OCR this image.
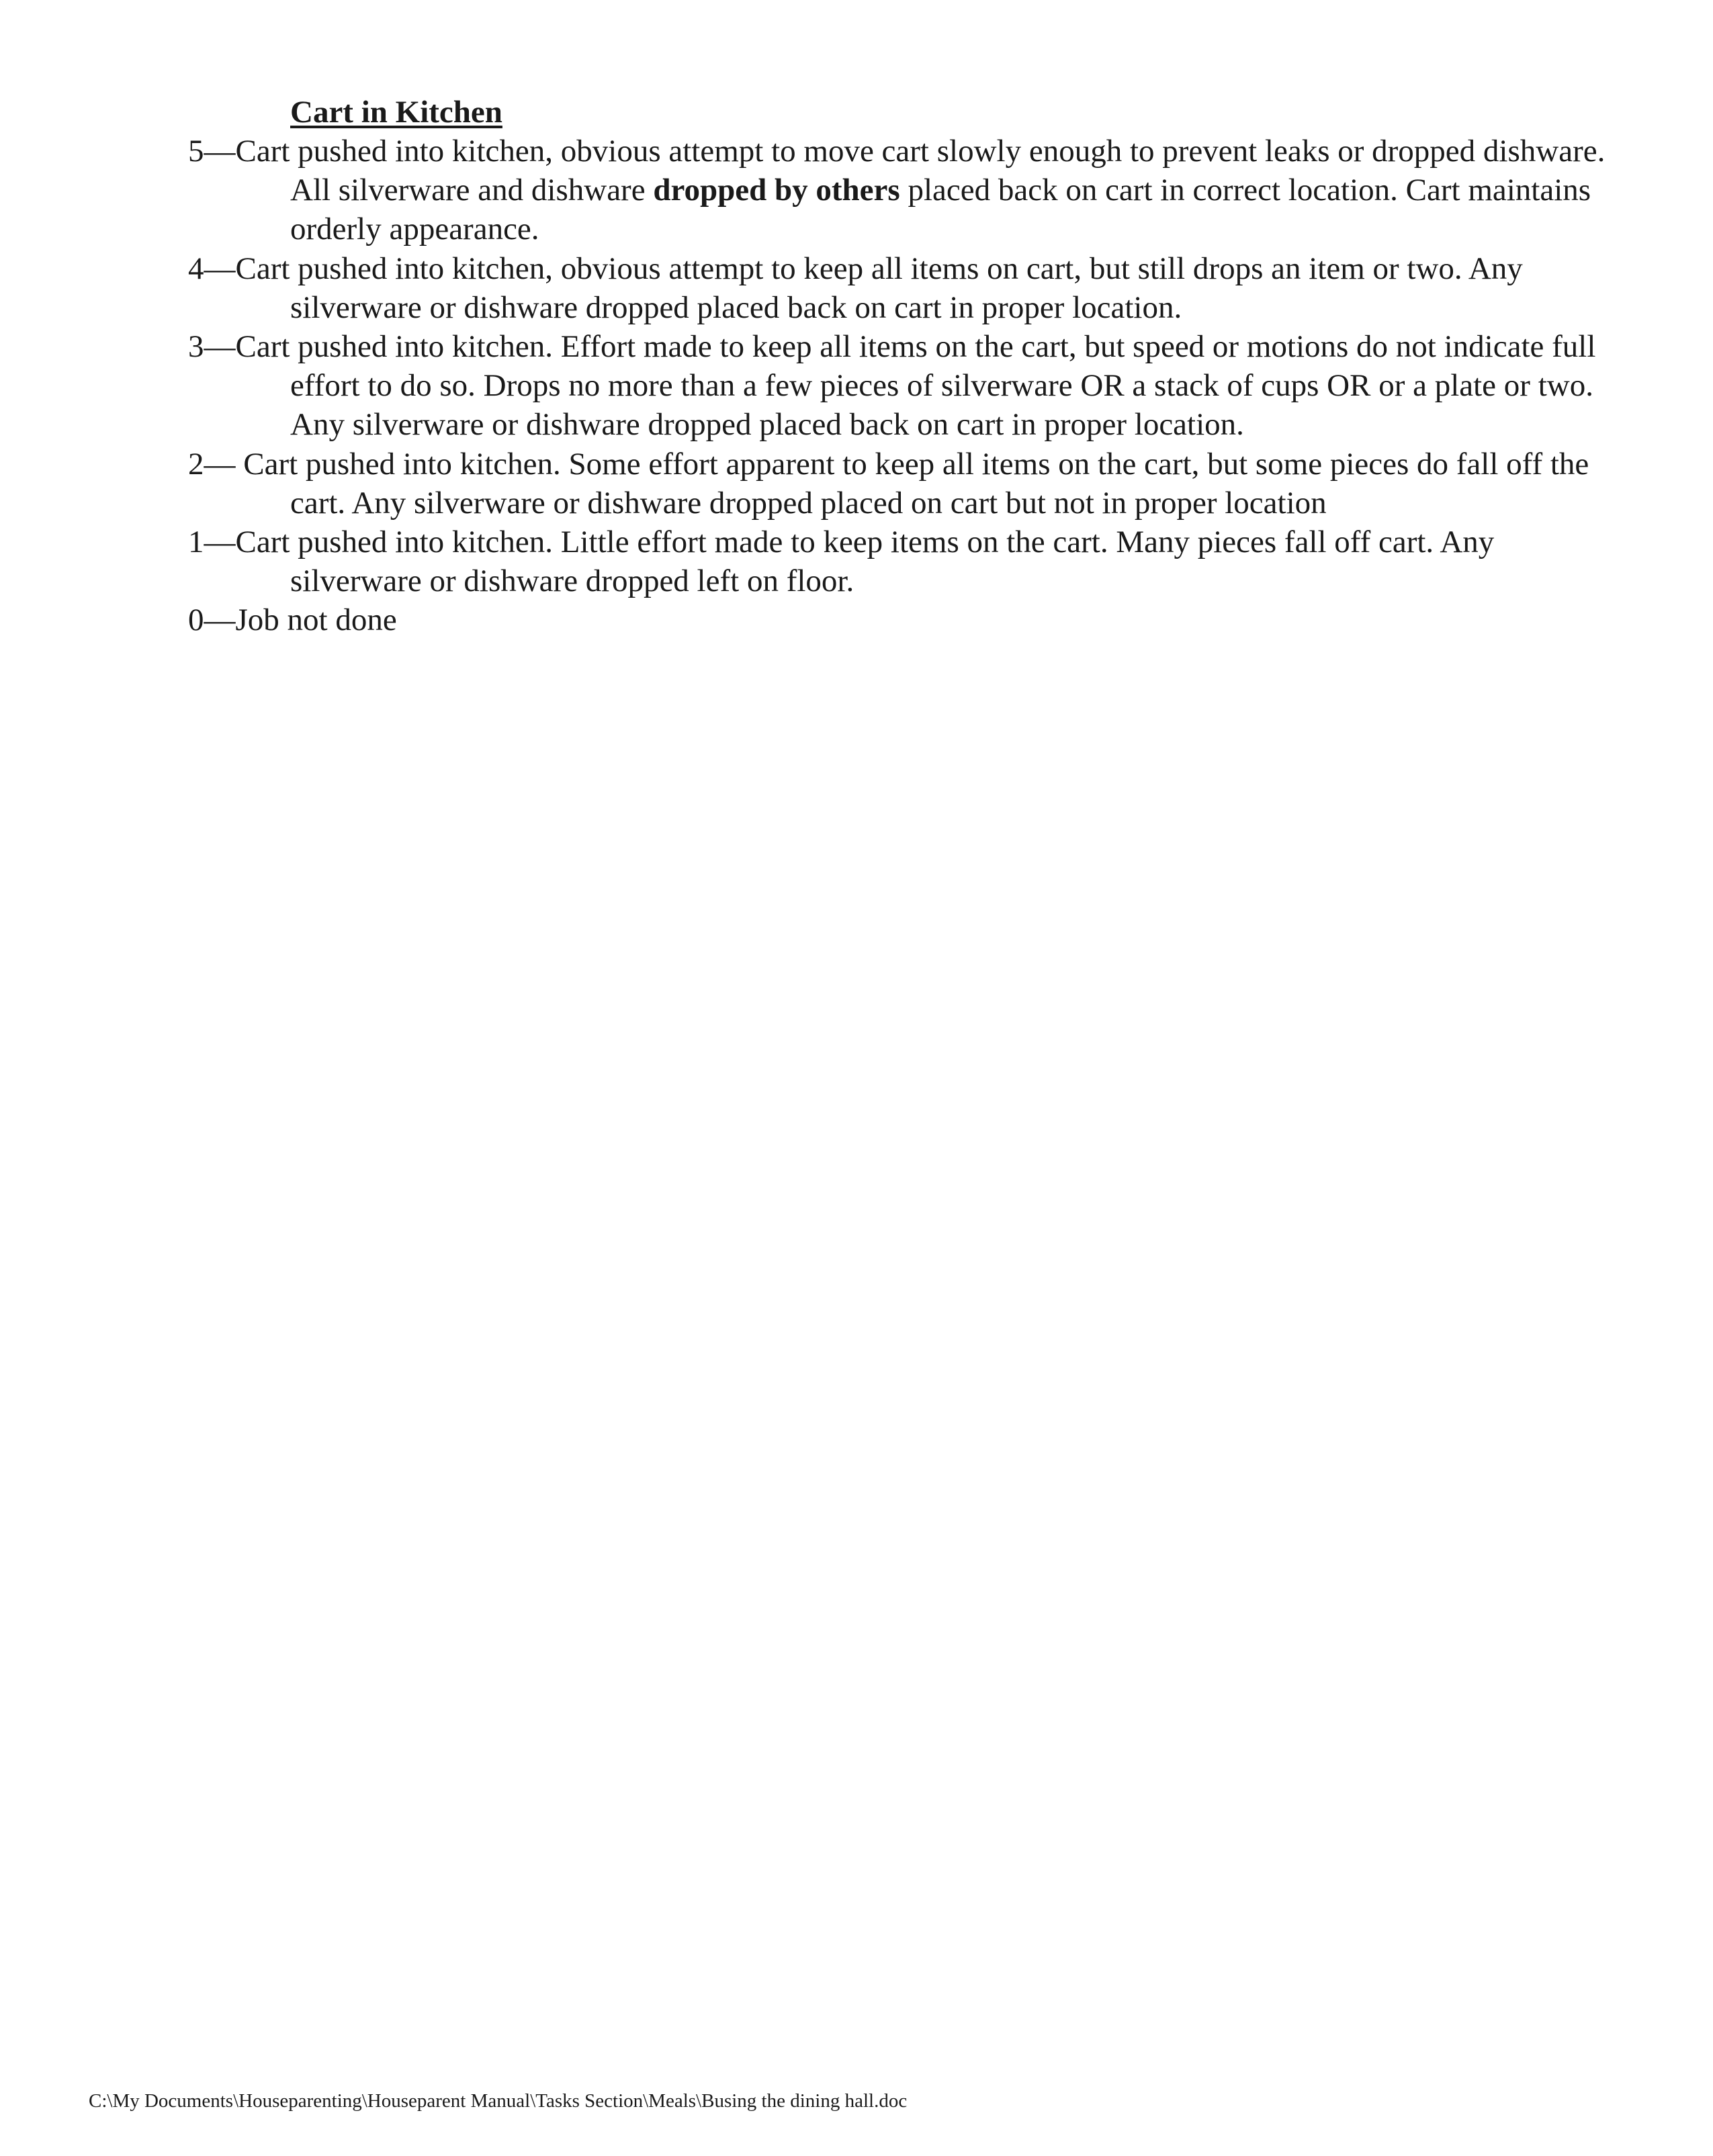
Cart in Kitchen
5—Cart pushed into kitchen, obvious attempt to move cart slowly enough to prevent leaks or dropped dishware. All silverware and dishware dropped by others placed back on cart in correct location. Cart maintains orderly appearance.
4—Cart pushed into kitchen, obvious attempt to keep all items on cart, but still drops an item or two. Any silverware or dishware dropped placed back on cart in proper location.
3—Cart pushed into kitchen. Effort made to keep all items on the cart, but speed or motions do not indicate full effort to do so. Drops no more than a few pieces of silverware OR a stack of cups OR or a plate or two. Any silverware or dishware dropped placed back on cart in proper location.
2— Cart pushed into kitchen. Some effort apparent to keep all items on the cart, but some pieces do fall off the cart. Any silverware or dishware dropped placed on cart but not in proper location
1—Cart pushed into kitchen. Little effort made to keep items on the cart. Many pieces fall off cart. Any silverware or dishware dropped left on floor.
0—Job not done
C:\My Documents\Houseparenting\Houseparent Manual\Tasks Section\Meals\Busing the dining hall.doc
